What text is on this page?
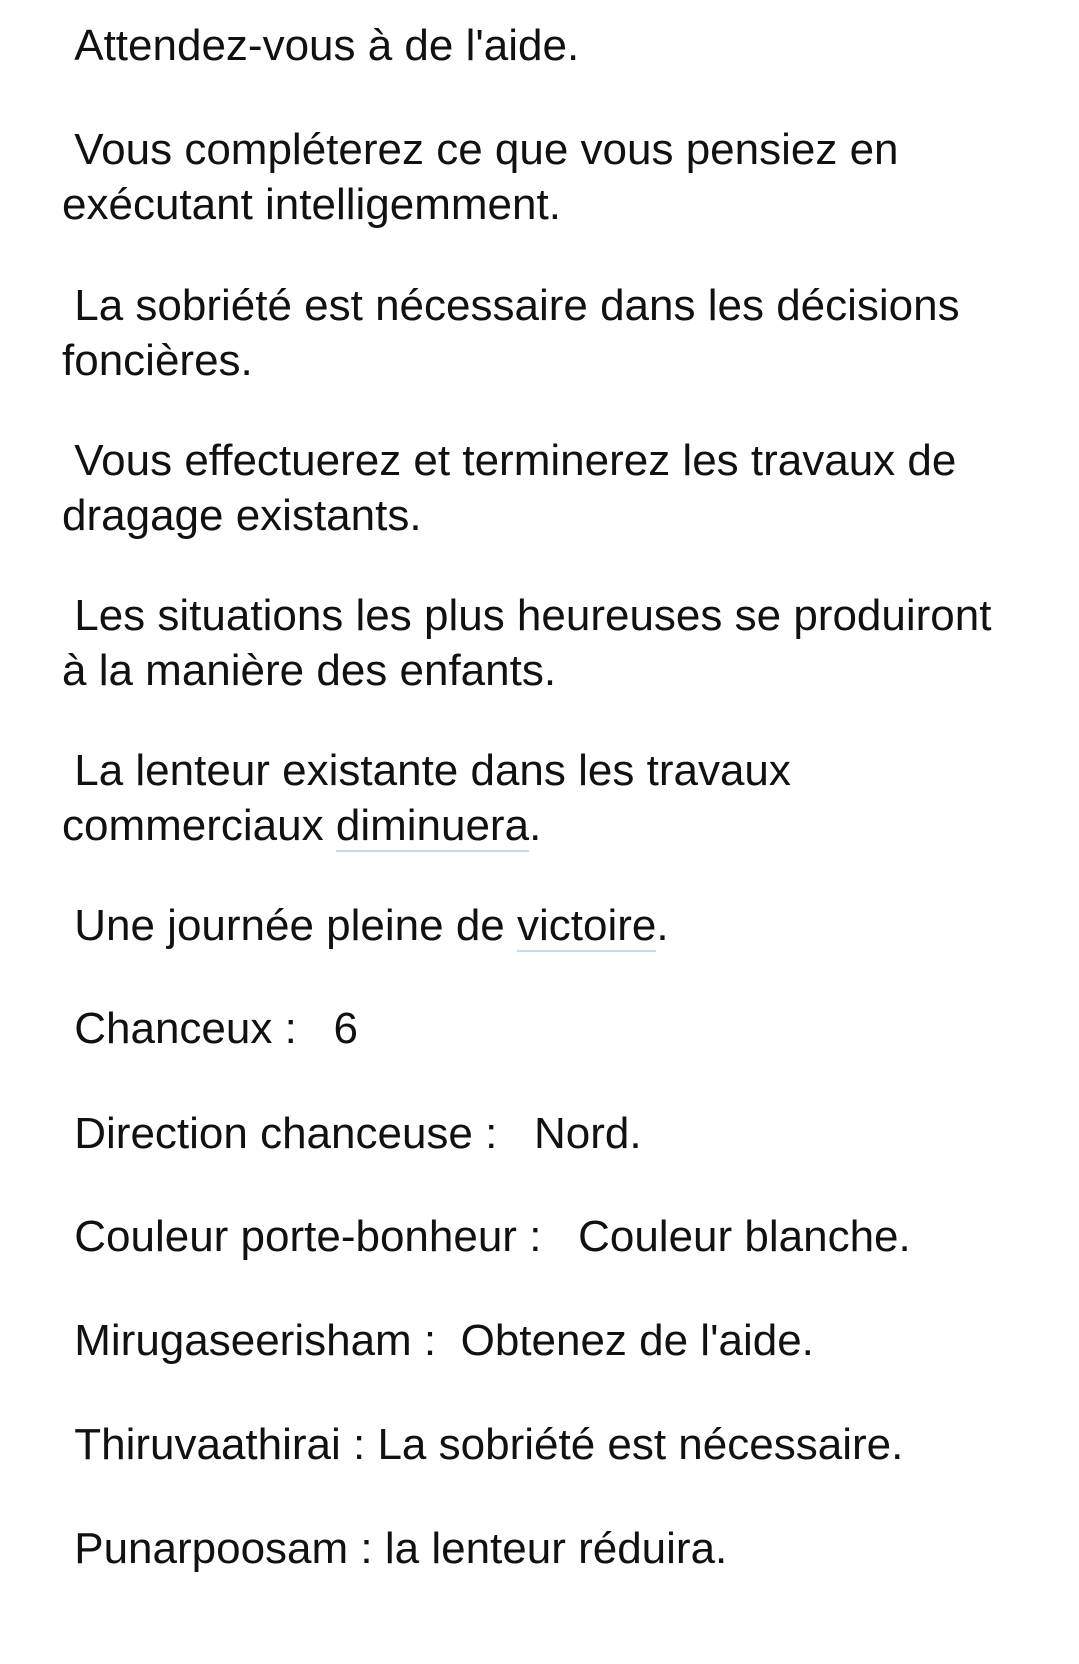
Attendez-vous à de l'aide.

Vous compléterez ce que vous pensiez en exécutant intelligemment.

La sobriété est nécessaire dans les décisions foncières.

Vous effectuerez et terminerez les travaux de dragage existants.

Les situations les plus heureuses se produiront à la manière des enfants.

La lenteur existante dans les travaux commerciaux diminuera.

Une journée pleine de victoire.

Chanceux :   6

Direction chanceuse :   Nord.

Couleur porte-bonheur :   Couleur blanche.

Mirugaseerisham :  Obtenez de l'aide.

Thiruvaathirai : La sobriété est nécessaire.

Punarpoosam : la lenteur réduira.
